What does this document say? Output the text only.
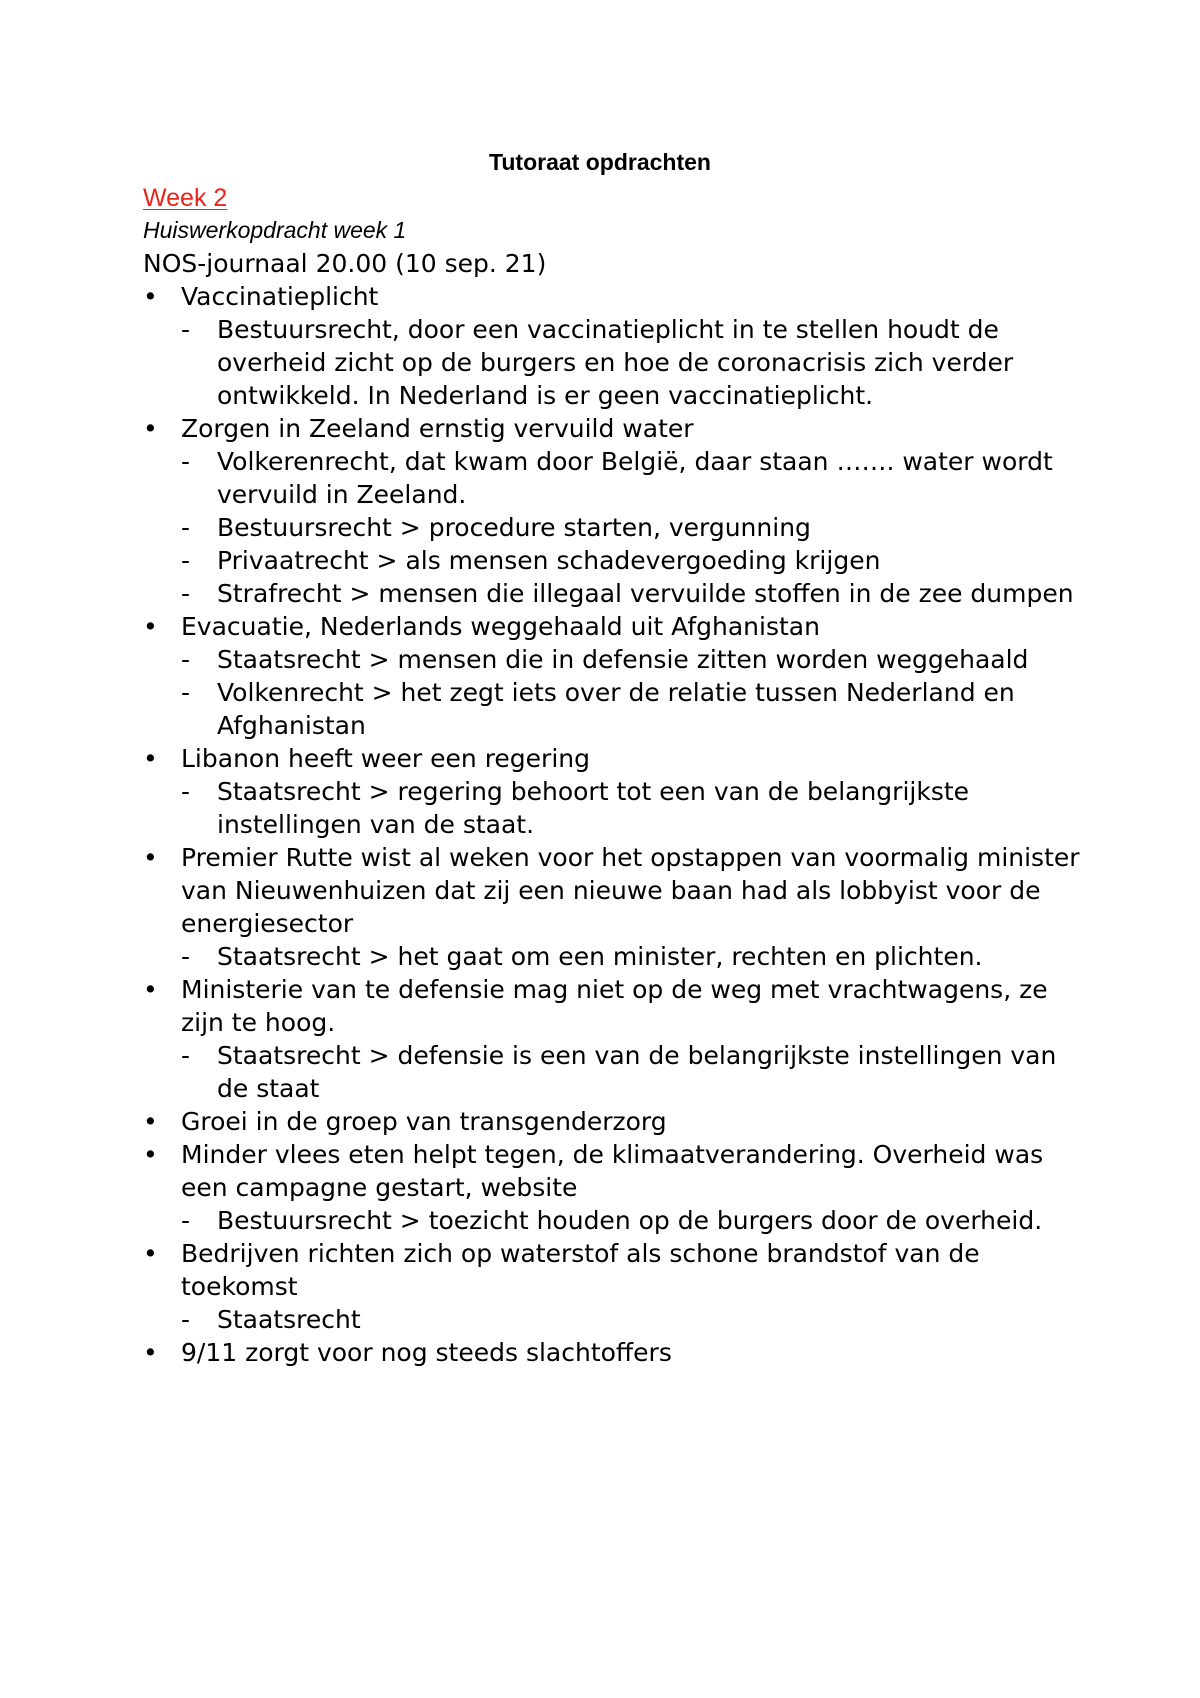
Tutoraat opdrachten
Week 2
Huiswerkopdracht week 1
NOS-journaal 20.00 (10 sep. 21)
• Vaccinatieplicht
-	Bestuursrecht, door een vaccinatieplicht in te stellen houdt de overheid zicht op de burgers en hoe de coronacrisis zich verder ontwikkeld. In Nederland is er geen vaccinatieplicht.
• Zorgen in Zeeland ernstig vervuild water
-	Volkerenrecht, dat kwam door België, daar staan ……. water wordt vervuild in Zeeland.
-	Bestuursrecht > procedure starten, vergunning
-	Privaatrecht > als mensen schadevergoeding krijgen
-	Strafrecht > mensen die illegaal vervuilde stoffen in de zee dumpen
• Evacuatie, Nederlands weggehaald uit Afghanistan
-	Staatsrecht > mensen die in defensie zitten worden weggehaald
-	Volkenrecht > het zegt iets over de relatie tussen Nederland en Afghanistan
• Libanon heeft weer een regering
-	Staatsrecht > regering behoort tot een van de belangrijkste instellingen van de staat.
• Premier Rutte wist al weken voor het opstappen van voormalig minister van Nieuwenhuizen dat zij een nieuwe baan had als lobbyist voor de energiesector
-	Staatsrecht > het gaat om een minister, rechten en plichten.
• Ministerie van te defensie mag niet op de weg met vrachtwagens, ze zijn te hoog.
-	Staatsrecht > defensie is een van de belangrijkste instellingen van de staat
• Groei in de groep van transgenderzorg
• Minder vlees eten helpt tegen, de klimaatverandering. Overheid was een campagne gestart, website
-	Bestuursrecht > toezicht houden op de burgers door de overheid.
• Bedrijven richten zich op waterstof als schone brandstof van de toekomst
-	Staatsrecht
• 9/11 zorgt voor nog steeds slachtoffers
